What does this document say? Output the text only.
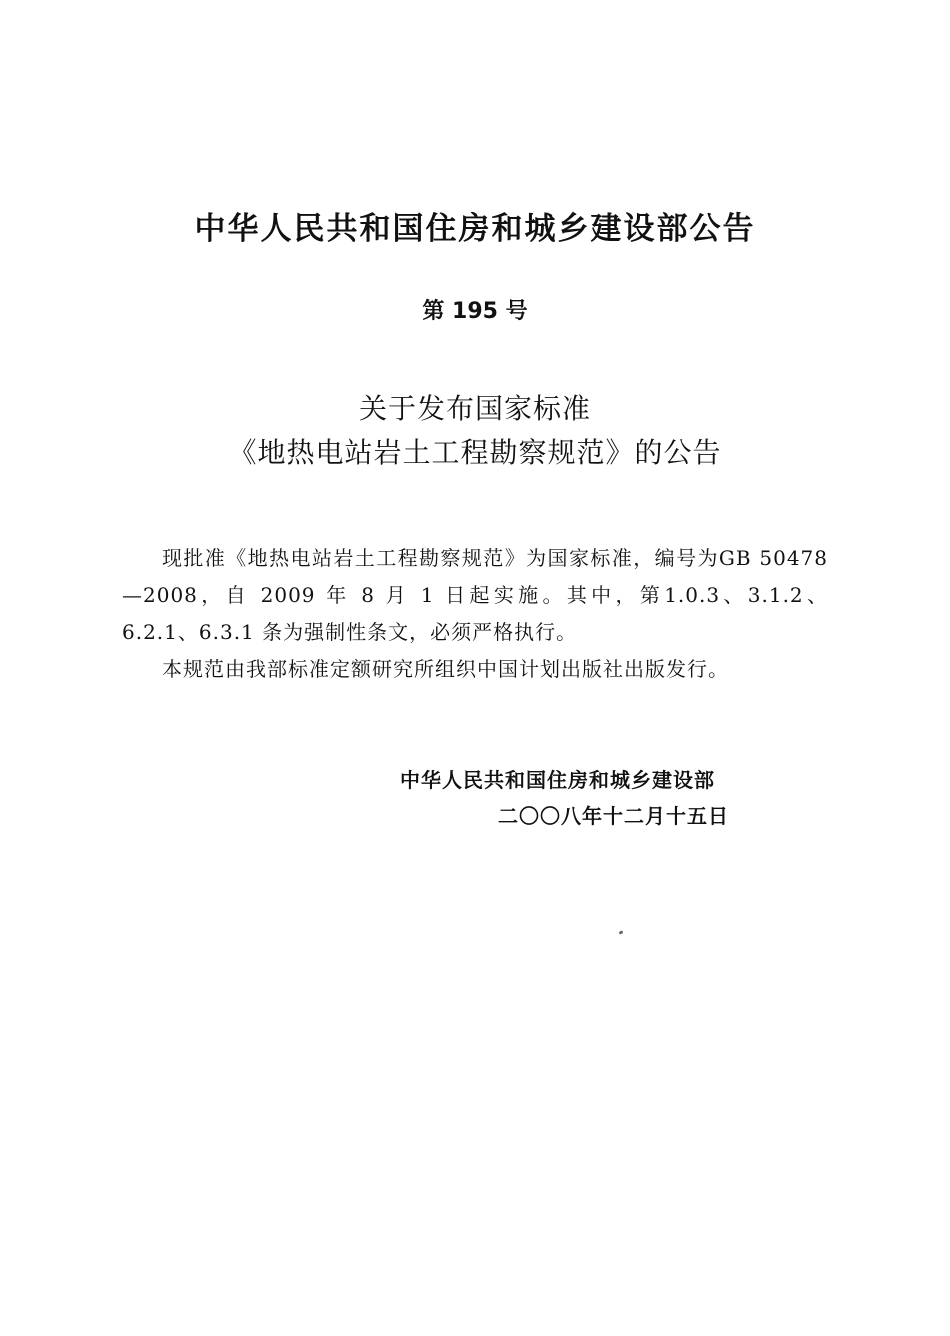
中华人民共和国住房和城乡建设部公告
第 195 号
关于发布国家标准
《地热电站岩土工程勘察规范》的公告

现批准《地热电站岩土工程勘察规范》为国家标准，编号为GB 50478—2008，自 2009 年 8 月 1 日起实施。其中，第1.0.3、3.1.2、6.2.1、6.3.1 条为强制性条文，必须严格执行。

本规范由我部标准定额研究所组织中国计划出版社出版发行。

中华人民共和国住房和城乡建设部
二〇〇八年十二月十五日
